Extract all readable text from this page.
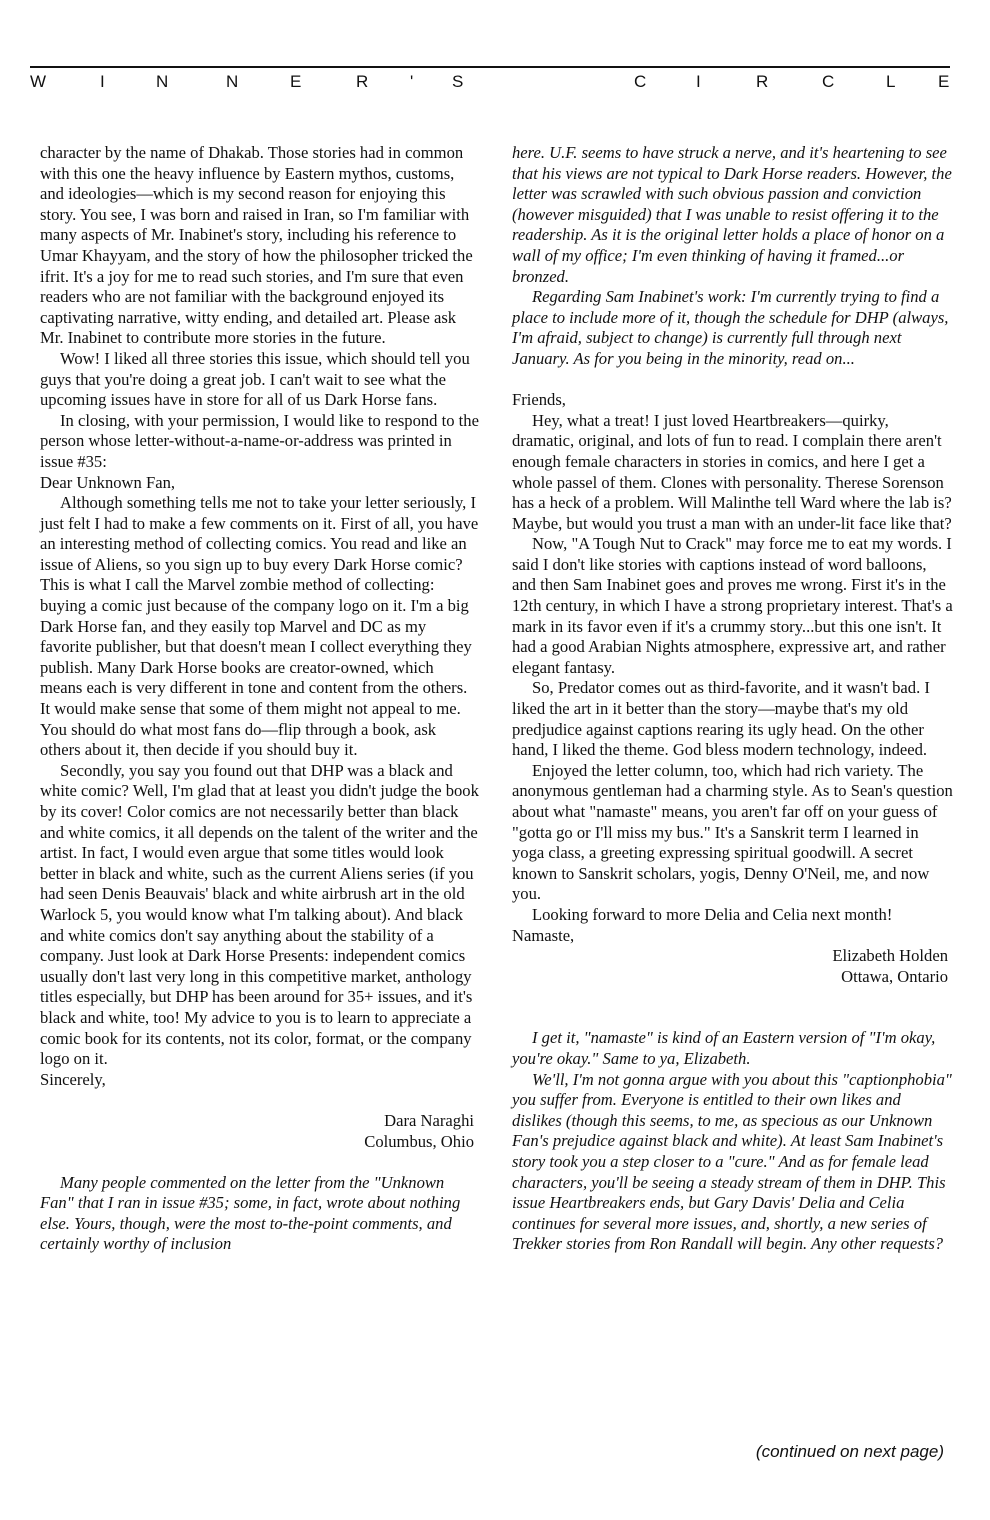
W	I	N	N	E	R ' S	C	I	R	C	L	E

character by the name of Dhakab. Those stories had in common with this one the heavy influence by Eastern mythos, customs, and ideologies—which is my second reason for enjoying this story. You see, I was born and raised in Iran, so I'm familiar with many aspects of Mr. Inabinet's story, including his reference to Umar Khayyam, and the story of how the philosopher tricked the ifrit. It's a joy for me to read such stories, and I'm sure that even readers who are not familiar with the background enjoyed its captivating narrative, witty ending, and detailed art. Please ask Mr. Inabinet to contribute more stories in the future.

Wow! I liked all three stories this issue, which should tell you guys that you're doing a great job. I can't wait to see what the upcoming issues have in store for all of us Dark Horse fans.

In closing, with your permission, I would like to respond to the person whose letter-without-a-name-or-address was printed in issue #35:

Dear Unknown Fan,

Although something tells me not to take your letter seriously, I just felt I had to make a few comments on it. First of all, you have an interesting method of collecting comics. You read and like an issue of Aliens, so you sign up to buy every Dark Horse comic? This is what I call the Marvel zombie method of collecting: buying a comic just because of the company logo on it. I'm a big Dark Horse fan, and they easily top Marvel and DC as my favorite publisher, but that doesn't mean I collect everything they publish. Many Dark Horse books are creator-owned, which means each is very different in tone and content from the others. It would make sense that some of them might not appeal to me. You should do what most fans do—flip through a book, ask others about it, then decide if you should buy it.

Secondly, you say you found out that DHP was a black and white comic? Well, I'm glad that at least you didn't judge the book by its cover! Color comics are not necessarily better than black and white comics, it all depends on the talent of the writer and the artist. In fact, I would even argue that some titles would look better in black and white, such as the current Aliens series (if you had seen Denis Beauvais' black and white airbrush art in the old Warlock 5, you would know what I'm talking about). And black and white comics don't say anything about the stability of a company. Just look at Dark Horse Presents: independent comics usually don't last very long in this competitive market, anthology titles especially, but DHP has been around for 35+ issues, and it's black and white, too! My advice to you is to learn to appreciate a comic book for its contents, not its color, format, or the company logo on it.

Sincerely,

Dara Naraghi

Columbus, Ohio

Many people commented on the letter from the "Unknown Fan" that I ran in issue #35; some, in fact, wrote about nothing else. Yours, though, were the most to-the-point comments, and certainly worthy of inclusion

here. U.F. seems to have struck a nerve, and it's heartening to see that his views are not typical to Dark Horse readers. However, the letter was scrawled with such obvious passion and conviction (however misguided) that I was unable to resist offering it to the readership. As it is the original letter holds a place of honor on a wall of my office; I'm even thinking of having it framed...or bronzed.

Regarding Sam Inabinet's work: I'm currently trying to find a place to include more of it, though the schedule for DHP (always, I'm afraid, subject to change) is currently full through next January. As for you being in the minority, read on...

Friends,

Hey, what a treat! I just loved Heartbreakers—quirky, dramatic, original, and lots of fun to read. I complain there aren't enough female characters in stories in comics, and here I get a whole passel of them. Clones with personality. Therese Sorenson has a heck of a problem. Will Malinthe tell Ward where the lab is? Maybe, but would you trust a man with an under-lit face like that?

Now, "A Tough Nut to Crack" may force me to eat my words. I said I don't like stories with captions instead of word balloons, and then Sam Inabinet goes and proves me wrong. First it's in the 12th century, in which I have a strong proprietary interest. That's a mark in its favor even if it's a crummy story...but this one isn't. It had a good Arabian Nights atmosphere, expressive art, and rather elegant fantasy.

So, Predator comes out as third-favorite, and it wasn't bad. I liked the art in it better than the story—maybe that's my old predjudice against captions rearing its ugly head. On the other hand, I liked the theme. God bless modern technology, indeed.

Enjoyed the letter column, too, which had rich variety. The anonymous gentleman had a charming style. As to Sean's question about what "namaste" means, you aren't far off on your guess of "gotta go or I'll miss my bus." It's a Sanskrit term I learned in yoga class, a greeting expressing spiritual goodwill. A secret known to Sanskrit scholars, yogis, Denny O'Neil, me, and now you.

Looking forward to more Delia and Celia next month!

Namaste,

Elizabeth Holden

Ottawa, Ontario

I get it, "namaste" is kind of an Eastern version of "I'm okay, you're okay." Same to ya, Elizabeth.

We'll, I'm not gonna argue with you about this "captionphobia" you suffer from. Everyone is entitled to their own likes and dislikes (though this seems, to me, as specious as our Unknown Fan's prejudice against black and white). At least Sam Inabinet's story took you a step closer to a "cure." And as for female lead characters, you'll be seeing a steady stream of them in DHP. This issue Heartbreakers ends, but Gary Davis' Delia and Celia continues for several more issues, and, shortly, a new series of Trekker stories from Ron Randall will begin. Any other requests?

(continued on next page)
